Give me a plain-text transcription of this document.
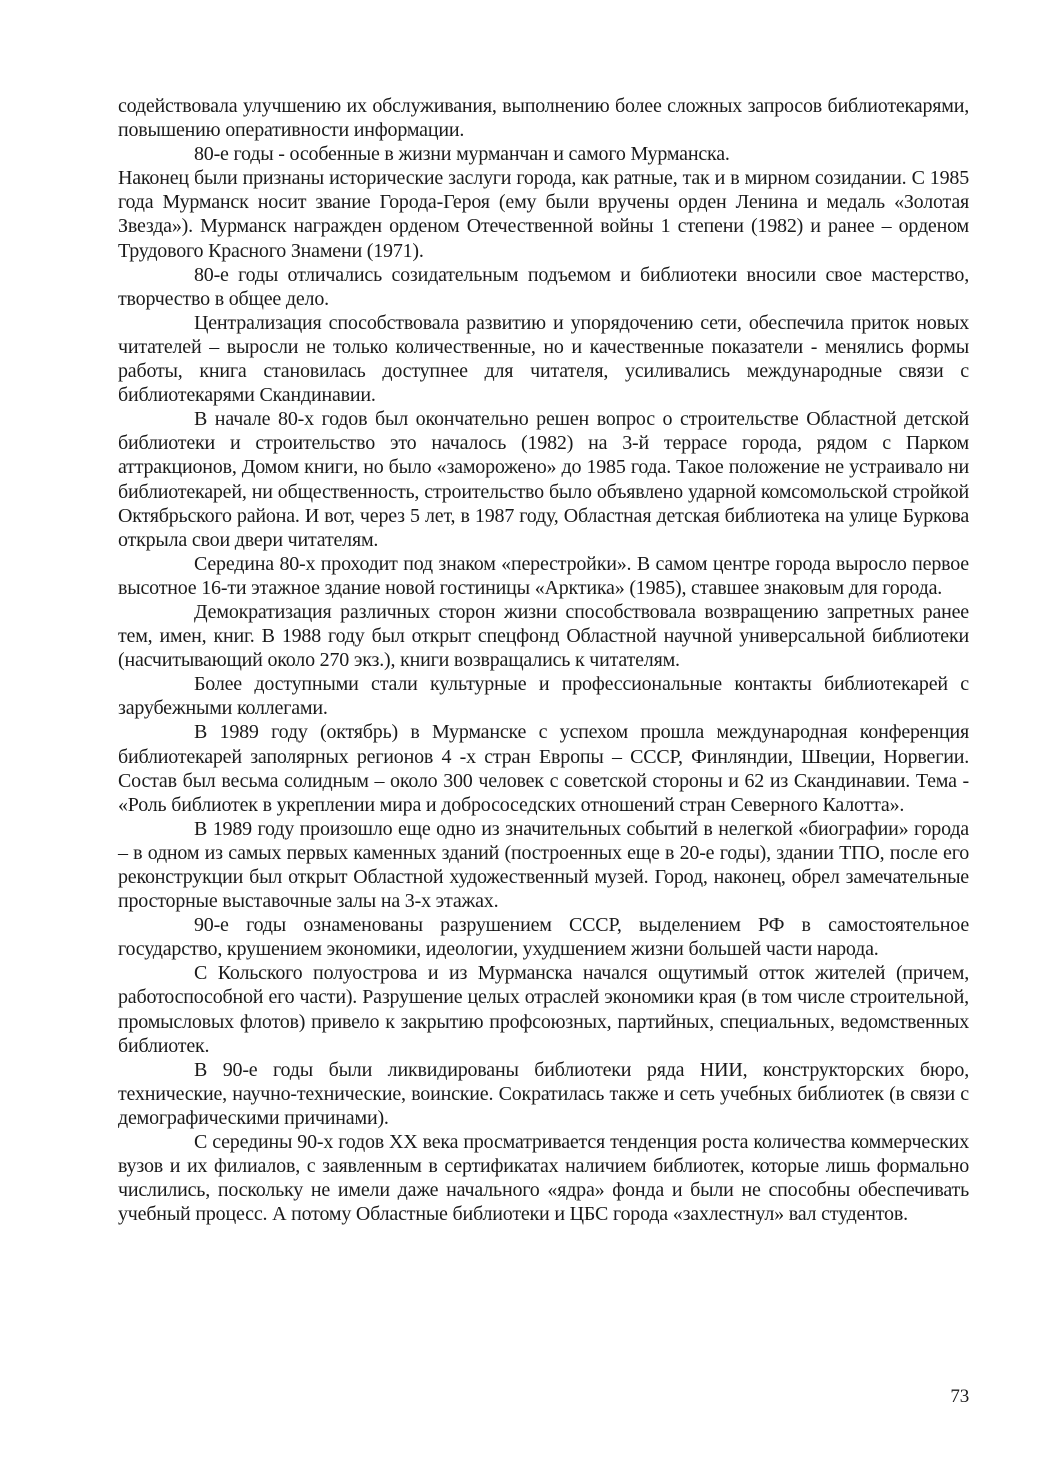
содействовала улучшению их обслуживания, выполнению более сложных запросов библиотекарями, повышению оперативности информации.

80-е годы - особенные в жизни мурманчан и самого Мурманска.

Наконец были признаны исторические заслуги города, как ратные, так и в мирном созидании. С 1985 года Мурманск носит звание Города-Героя (ему были вручены орден Ленина и медаль «Золотая Звезда»). Мурманск награжден орденом Отечественной войны 1 степени (1982) и ранее – орденом Трудового Красного Знамени (1971).

80-е годы отличались созидательным подъемом и библиотеки вносили свое мастерство, творчество в общее дело.

Централизация способствовала развитию и упорядочению сети, обеспечила приток новых читателей – выросли не только количественные, но и качественные показатели - менялись формы работы, книга становилась доступнее для читателя, усиливались международные связи с библиотекарями Скандинавии.

В начале 80-х годов был окончательно решен вопрос о строительстве Областной детской библиотеки и строительство это началось (1982) на 3-й террасе города, рядом с Парком аттракционов, Домом книги, но было «заморожено» до 1985 года. Такое положение не устраивало ни библиотекарей, ни общественность, строительство было объявлено ударной комсомольской стройкой Октябрьского района. И вот, через 5 лет, в 1987 году, Областная детская библиотека на улице Буркова открыла свои двери читателям.

Середина 80-х проходит под знаком «перестройки». В самом центре города выросло первое высотное 16-ти этажное здание новой гостиницы «Арктика» (1985), ставшее знаковым для города.

Демократизация различных сторон жизни способствовала возвращению запретных ранее тем, имен, книг. В 1988 году был открыт спецфонд Областной научной универсальной библиотеки (насчитывающий около 270 экз.), книги возвращались к читателям.

Более доступными стали культурные и профессиональные контакты библиотекарей с зарубежными коллегами.

В 1989 году (октябрь) в Мурманске с успехом прошла международная конференция библиотекарей заполярных регионов 4 -х стран Европы – СССР, Финляндии, Швеции, Норвегии. Состав был весьма солидным – около 300 человек с советской стороны и 62 из Скандинавии. Тема - «Роль библиотек в укреплении мира и добрососедских отношений стран Северного Калотта».

В 1989 году произошло еще одно из значительных событий в нелегкой «биографии» города – в одном из самых первых каменных зданий (построенных еще в 20-е годы), здании ТПО, после его реконструкции был открыт Областной художественный музей. Город, наконец, обрел замечательные просторные выставочные залы на 3-х этажах.

90-е годы ознаменованы разрушением СССР, выделением РФ в самостоятельное государство, крушением экономики, идеологии, ухудшением жизни большей части народа.

С Кольского полуострова и из Мурманска начался ощутимый отток жителей (причем, работоспособной его части). Разрушение целых отраслей экономики края (в том числе строительной, промысловых флотов) привело к закрытию профсоюзных, партийных, специальных, ведомственных библиотек.

В 90-е годы были ликвидированы библиотеки ряда НИИ, конструкторских бюро, технические, научно-технические, воинские. Сократилась также и сеть учебных библиотек (в связи с демографическими причинами).

С середины 90-х годов ХХ века просматривается тенденция роста количества коммерческих вузов и их филиалов, с заявленным в сертификатах наличием библиотек, которые лишь формально числились, поскольку не имели даже начального «ядра» фонда и были не способны обеспечивать учебный процесс. А потому Областные библиотеки и ЦБС города «захлестнул» вал студентов.

73
